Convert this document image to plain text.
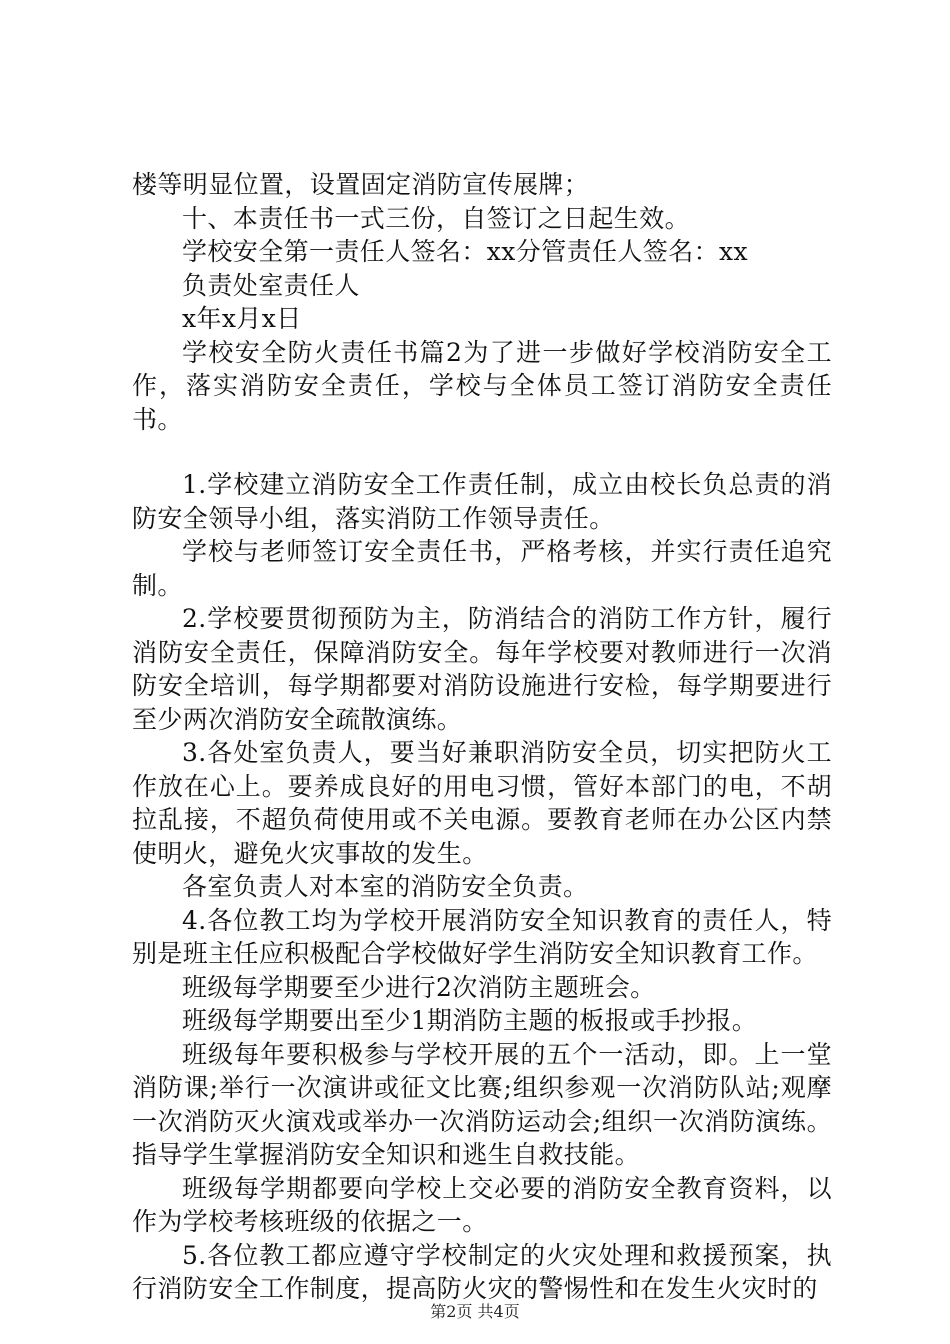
楼等明显位置，设置固定消防宣传展牌；

十、本责任书一式三份，自签订之日起生效。

学校安全第一责任人签名：xx分管责任人签名：xx

负责处室责任人

x年x月x日

学校安全防火责任书篇2为了进一步做好学校消防安全工作，落实消防安全责任，学校与全体员工签订消防安全责任书。

1.学校建立消防安全工作责任制，成立由校长负总责的消防安全领导小组，落实消防工作领导责任。

学校与老师签订安全责任书，严格考核，并实行责任追究制。

2.学校要贯彻预防为主，防消结合的消防工作方针，履行消防安全责任，保障消防安全。每年学校要对教师进行一次消防安全培训，每学期都要对消防设施进行安检，每学期要进行至少两次消防安全疏散演练。

3.各处室负责人，要当好兼职消防安全员，切实把防火工作放在心上。要养成良好的用电习惯，管好本部门的电，不胡拉乱接，不超负荷使用或不关电源。要教育老师在办公区内禁使明火，避免火灾事故的发生。

各室负责人对本室的消防安全负责。

4.各位教工均为学校开展消防安全知识教育的责任人，特别是班主任应积极配合学校做好学生消防安全知识教育工作。

班级每学期要至少进行2次消防主题班会。

班级每学期要出至少1期消防主题的板报或手抄报。

班级每年要积极参与学校开展的五个一活动，即。上一堂消防课;举行一次演讲或征文比赛;组织参观一次消防队站;观摩一次消防灭火演戏或举办一次消防运动会;组织一次消防演练。指导学生掌握消防安全知识和逃生自救技能。

班级每学期都要向学校上交必要的消防安全教育资料，以作为学校考核班级的依据之一。

5.各位教工都应遵守学校制定的火灾处理和救援预案，执行消防安全工作制度，提高防火灾的警惕性和在发生火灾时的

第2页 共4页
